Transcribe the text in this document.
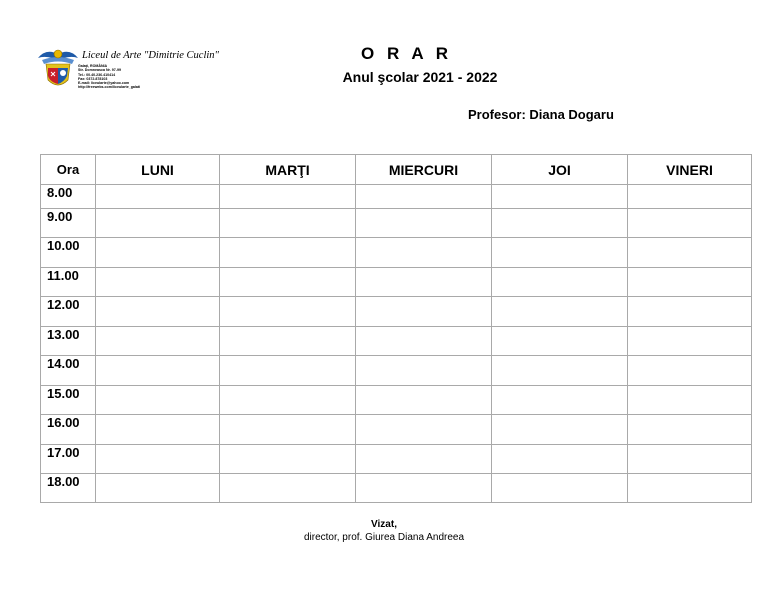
Liceul de Arte "Dimitrie Cuclin"
Galaţi, ROMÂNIA
Str. Domneasca Nr. 97-99
Tel.: 00.40.236.410414
Fax: 0372.878103
E-mail: liceularte@yahoo.com
http://freewebs.com/liceularte_galati
O R A R
Anul şcolar 2021 - 2022
Profesor: Diana Dogaru
Ora	LUNI	MARŢI	MIERCURI	JOI	VINERI
8.00					
9.00					
10.00					
11.00					
12.00					
13.00					
14.00					
15.00					
16.00					
17.00					
18.00					
Vizat,
director, prof. Giurea Diana Andreea
